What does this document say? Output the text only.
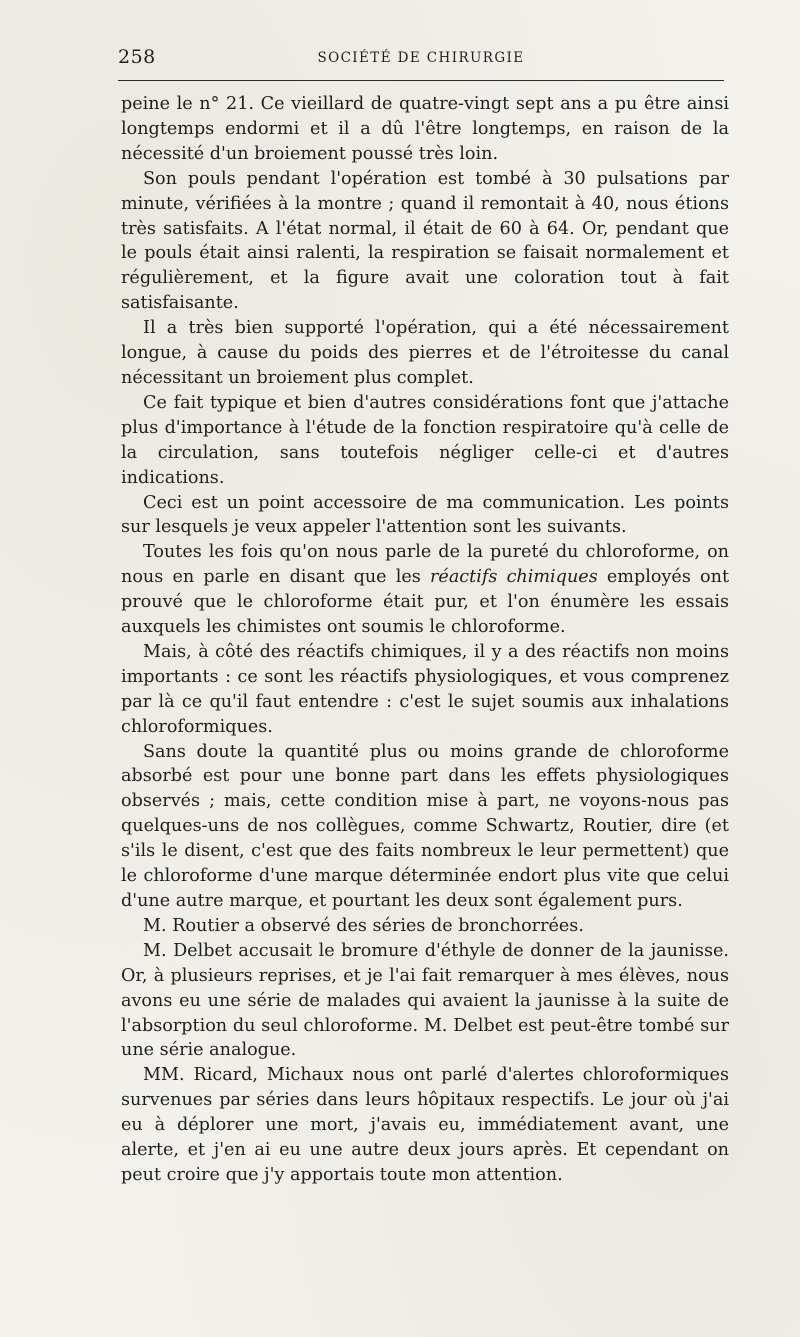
258	SOCIÉTÉ DE CHIRURGIE

peine le n° 21. Ce vieillard de quatre-vingt sept ans a pu être ainsi longtemps endormi et il a dû l'être longtemps, en raison de la nécessité d'un broiement poussé très loin.

Son pouls pendant l'opération est tombé à 30 pulsations par minute, vérifiées à la montre ; quand il remontait à 40, nous étions très satisfaits. A l'état normal, il était de 60 à 64. Or, pendant que le pouls était ainsi ralenti, la respiration se faisait normalement et régulièrement, et la figure avait une coloration tout à fait satisfaisante.

Il a très bien supporté l'opération, qui a été nécessairement longue, à cause du poids des pierres et de l'étroitesse du canal nécessitant un broiement plus complet.

Ce fait typique et bien d'autres considérations font que j'attache plus d'importance à l'étude de la fonction respiratoire qu'à celle de la circulation, sans toutefois négliger celle-ci et d'autres indications.

Ceci est un point accessoire de ma communication. Les points sur lesquels je veux appeler l'attention sont les suivants.

Toutes les fois qu'on nous parle de la pureté du chloroforme, on nous en parle en disant que les réactifs chimiques employés ont prouvé que le chloroforme était pur, et l'on énumère les essais auxquels les chimistes ont soumis le chloroforme.

Mais, à côté des réactifs chimiques, il y a des réactifs non moins importants : ce sont les réactifs physiologiques, et vous comprenez par là ce qu'il faut entendre : c'est le sujet soumis aux inhalations chloroformiques.

Sans doute la quantité plus ou moins grande de chloroforme absorbé est pour une bonne part dans les effets physiologiques observés ; mais, cette condition mise à part, ne voyons-nous pas quelques-uns de nos collègues, comme Schwartz, Routier, dire (et s'ils le disent, c'est que des faits nombreux le leur permettent) que le chloroforme d'une marque déterminée endort plus vite que celui d'une autre marque, et pourtant les deux sont également purs.

M. Routier a observé des séries de bronchorrées.

M. Delbet accusait le bromure d'éthyle de donner de la jaunisse. Or, à plusieurs reprises, et je l'ai fait remarquer à mes élèves, nous avons eu une série de malades qui avaient la jaunisse à la suite de l'absorption du seul chloroforme. M. Delbet est peut-être tombé sur une série analogue.

MM. Ricard, Michaux nous ont parlé d'alertes chloroformiques survenues par séries dans leurs hôpitaux respectifs. Le jour où j'ai eu à déplorer une mort, j'avais eu, immédiatement avant, une alerte, et j'en ai eu une autre deux jours après. Et cependant on peut croire que j'y apportais toute mon attention.
